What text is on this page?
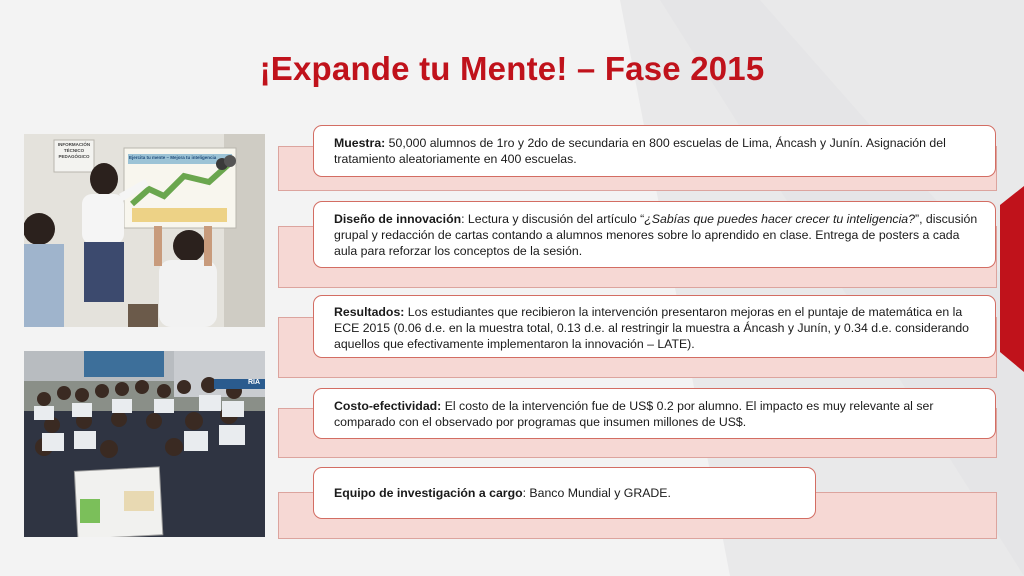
¡Expande tu Mente! – Fase 2015
INFORMACIÓN TÉCNICO PEDAGÓGICO	Ejercita tu mente – Mejora tu inteligencia
RIA
Muestra: 50,000 alumnos de 1ro y 2do de secundaria en 800 escuelas de Lima, Áncash y Junín. Asignación del tratamiento aleatoriamente en 400 escuelas.
Diseño de innovación: Lectura y discusión del artículo “¿Sabías que puedes hacer crecer tu inteligencia?”, discusión grupal y redacción de cartas contando a alumnos menores sobre lo aprendido en clase. Entrega de posters a cada aula para reforzar los conceptos de la sesión.
Resultados: Los estudiantes que recibieron la intervención presentaron mejoras en el puntaje de matemática en la ECE 2015 (0.06 d.e. en la muestra total, 0.13 d.e. al restringir la muestra a Áncash y Junín, y 0.34 d.e. considerando aquellos que efectivamente implementaron la innovación – LATE).
Costo-efectividad: El costo de la intervención fue de US$ 0.2 por alumno. El impacto es muy relevante al ser comparado con el observado por programas que insumen millones de US$.
Equipo de investigación a cargo: Banco Mundial y GRADE.
